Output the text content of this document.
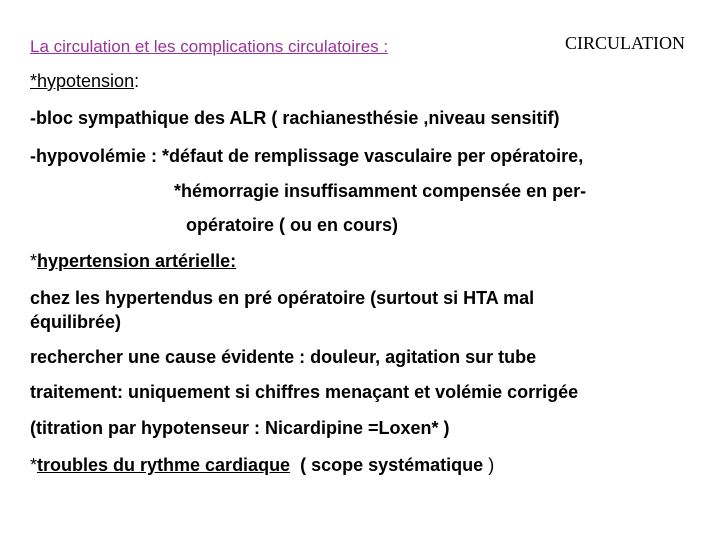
La circulation et les complications circulatoires :	CIRCULATION
*hypotension:
-bloc sympathique des ALR ( rachianesthésie ,niveau sensitif)
-hypovolémie : *défaut de remplissage vasculaire per opératoire,
*hémorragie insuffisamment compensée en per-
opératoire ( ou en cours)
*hypertension artérielle:
chez les hypertendus en pré opératoire (surtout si HTA mal
équilibrée)
rechercher une cause évidente : douleur, agitation sur tube
traitement: uniquement si chiffres menaçant et volémie corrigée
(titration par hypotenseur : Nicardipine =Loxen* )
*troubles du rythme cardiaque ( scope systématique )
